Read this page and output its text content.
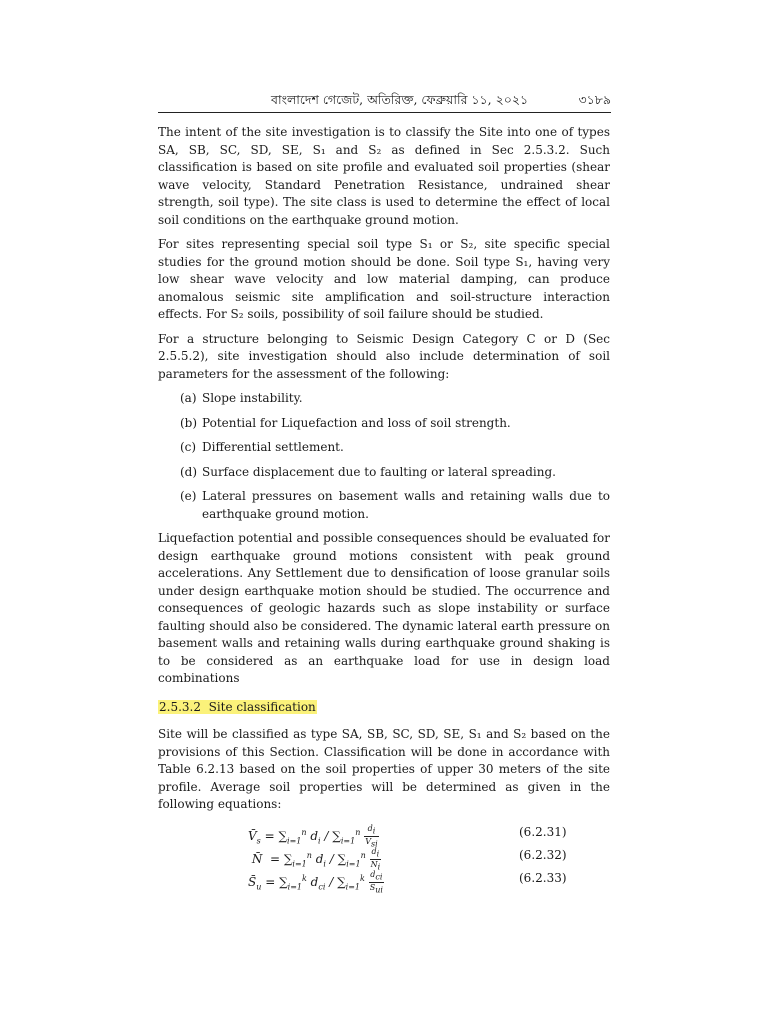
বাংলাদেশ গেজেট, অতিরিক্ত, ফেব্রুয়ারি ১১, ২০২১	৩১৮৯

The intent of the site investigation is to classify the Site into one of types SA, SB, SC, SD, SE, S₁ and S₂ as defined in Sec 2.5.3.2. Such classification is based on site profile and evaluated soil properties (shear wave velocity, Standard Penetration Resistance, undrained shear strength, soil type). The site class is used to determine the effect of local soil conditions on the earthquake ground motion.

For sites representing special soil type S₁ or S₂, site specific special studies for the ground motion should be done. Soil type S₁, having very low shear wave velocity and low material damping, can produce anomalous seismic site amplification and soil-structure interaction effects. For S₂ soils, possibility of soil failure should be studied.

For a structure belonging to Seismic Design Category C or D (Sec 2.5.5.2), site investigation should also include determination of soil parameters for the assessment of the following:

(a) Slope instability.
(b) Potential for Liquefaction and loss of soil strength.
(c) Differential settlement.
(d) Surface displacement due to faulting or lateral spreading.
(e) Lateral pressures on basement walls and retaining walls due to earthquake ground motion.

Liquefaction potential and possible consequences should be evaluated for design earthquake ground motions consistent with peak ground accelerations. Any Settlement due to densification of loose granular soils under design earthquake motion should be studied. The occurrence and consequences of geologic hazards such as slope instability or surface faulting should also be considered. The dynamic lateral earth pressure on basement walls and retaining walls during earthquake ground shaking is to be considered as an earthquake load for use in design load combinations

2.5.3.2 Site classification

Site will be classified as type SA, SB, SC, SD, SE, S₁ and S₂ based on the provisions of this Section. Classification will be done in accordance with Table 6.2.13 based on the soil properties of upper 30 meters of the site profile. Average soil properties will be determined as given in the following equations:

$V̄_s = \sum_{i=1}^n$ $d_i / \sum_{i=1}^n \frac{d_i}{V_{si}}$	(6.2.31)
N̄  = $\sum_{i=1}^n$ $d_i / \sum_{i=1}^n \frac{d_i}{N_i}$	(6.2.32)
$S̄_u = \sum_{i=1}^k$ $d_{ci} / \sum_{i=1}^k \frac{d_{ci}}{S_{ui}}$	(6.2.33)
